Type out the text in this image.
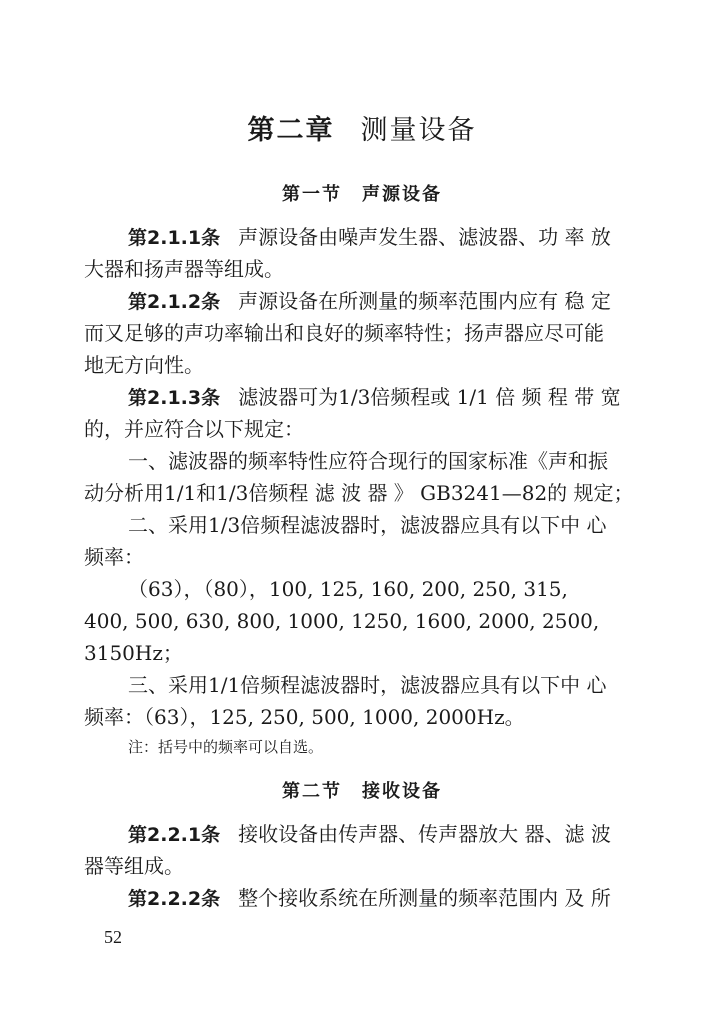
第二章 测量设备
第一节 声源设备
第2.1.1条 声源设备由噪声发生器、滤波器、功 率 放
大器和扬声器等组成。
第2.1.2条 声源设备在所测量的频率范围内应有 稳 定
而又足够的声功率输出和良好的频率特性；扬声器应尽可能
地无方向性。
第2.1.3条 滤波器可为1/3倍频程或 1/1 倍 频 程 带 宽
的，并应符合以下规定：
一、滤波器的频率特性应符合现行的国家标准《声和振
动分析用1/1和1/3倍频程 滤 波 器 》 GB3241—82的 规定；
二、采用1/3倍频程滤波器时，滤波器应具有以下中 心
频率：
（63），（80），100, 125, 160, 200, 250, 315,
400, 500, 630, 800, 1000, 1250, 1600, 2000, 2500,
3150Hz；
三、采用1/1倍频程滤波器时，滤波器应具有以下中 心
频率：（63），125, 250, 500, 1000, 2000Hz。
注：括号中的频率可以自选。
第二节 接收设备
第2.2.1条 接收设备由传声器、传声器放大 器、滤 波
器等组成。
第2.2.2条 整个接收系统在所测量的频率范围内 及 所
52
